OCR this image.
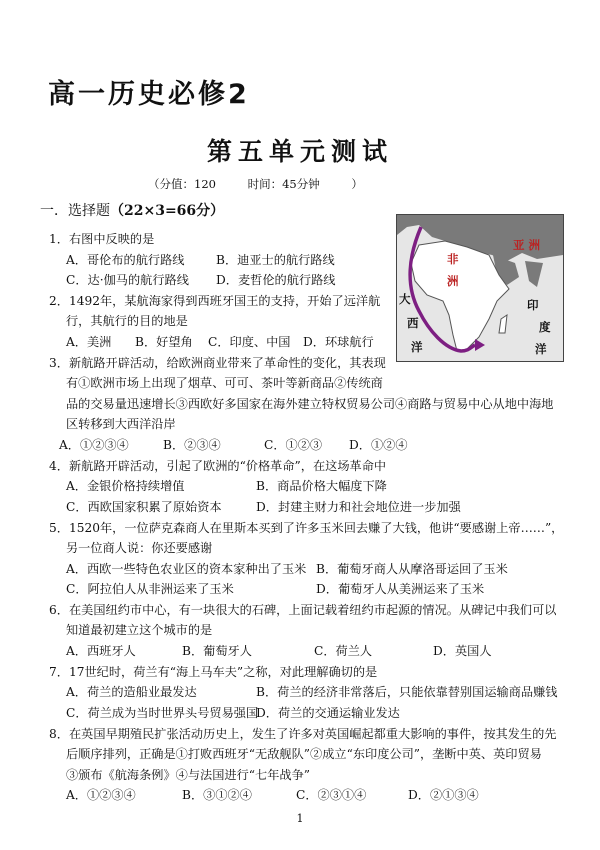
高一历史必修2
第五单元测试
（分值：120	时间：45分钟	）
一．选择题（22×3=66分）
亚 洲
非
洲
大
西
洋
印
度
洋
1．右图中反映的是
A．哥伦布的航行路线	B．迪亚士的航行路线
C．达·伽马的航行路线 D．麦哲伦的航行路线
2．1492年，某航海家得到西班牙国王的支持，开始了远洋航
行，其航行的目的地是
A．美洲 B．好望角 C．印度、中国 D．环球航行
3．新航路开辟活动，给欧洲商业带来了革命性的变化，其表现
有①欧洲市场上出现了烟草、可可、茶叶等新商品②传统商
品的交易量迅速增长③西欧好多国家在海外建立特权贸易公司④商路与贸易中心从地中海地
区转移到大西洋沿岸
A．①②③④	B．②③④	C．①②③ D．①②④
4．新航路开辟活动，引起了欧洲的“价格革命”，在这场革命中
A．金银价格持续增值	B．商品价格大幅度下降
C．西欧国家积累了原始资本	D．封建主财力和社会地位进一步加强
5．1520年，一位萨克森商人在里斯本买到了许多玉米回去赚了大钱，他讲“要感谢上帝……”，
另一位商人说：你还要感谢
A．西欧一些特色农业区的资本家种出了玉米 B．葡萄牙商人从摩洛哥运回了玉米
C．阿拉伯人从非洲运来了玉米	D．葡萄牙人从美洲运来了玉米
6．在美国纽约市中心，有一块很大的石碑，上面记载着纽约市起源的情况。从碑记中我们可以
知道最初建立这个城市的是
A．西班牙人	B．葡萄牙人	C．荷兰人	D．英国人
7．17世纪时，荷兰有“海上马车夫”之称，对此理解确切的是
A．荷兰的造船业最发达	B．荷兰的经济非常落后，只能依靠替别国运输商品赚钱
C．荷兰成为当时世界头号贸易强国
D．荷兰的交通运输业发达
8．在英国早期殖民扩张活动历史上，发生了许多对英国崛起都重大影响的事件，按其发生的先
后顺序排列，正确是①打败西班牙“无敌舰队”②成立“东印度公司”，垄断中英、英印贸易
③颁布《航海条例》④与法国进行“七年战争”
A．①②③④	B．③①②④	C．②③①④	D．②①③④
1
